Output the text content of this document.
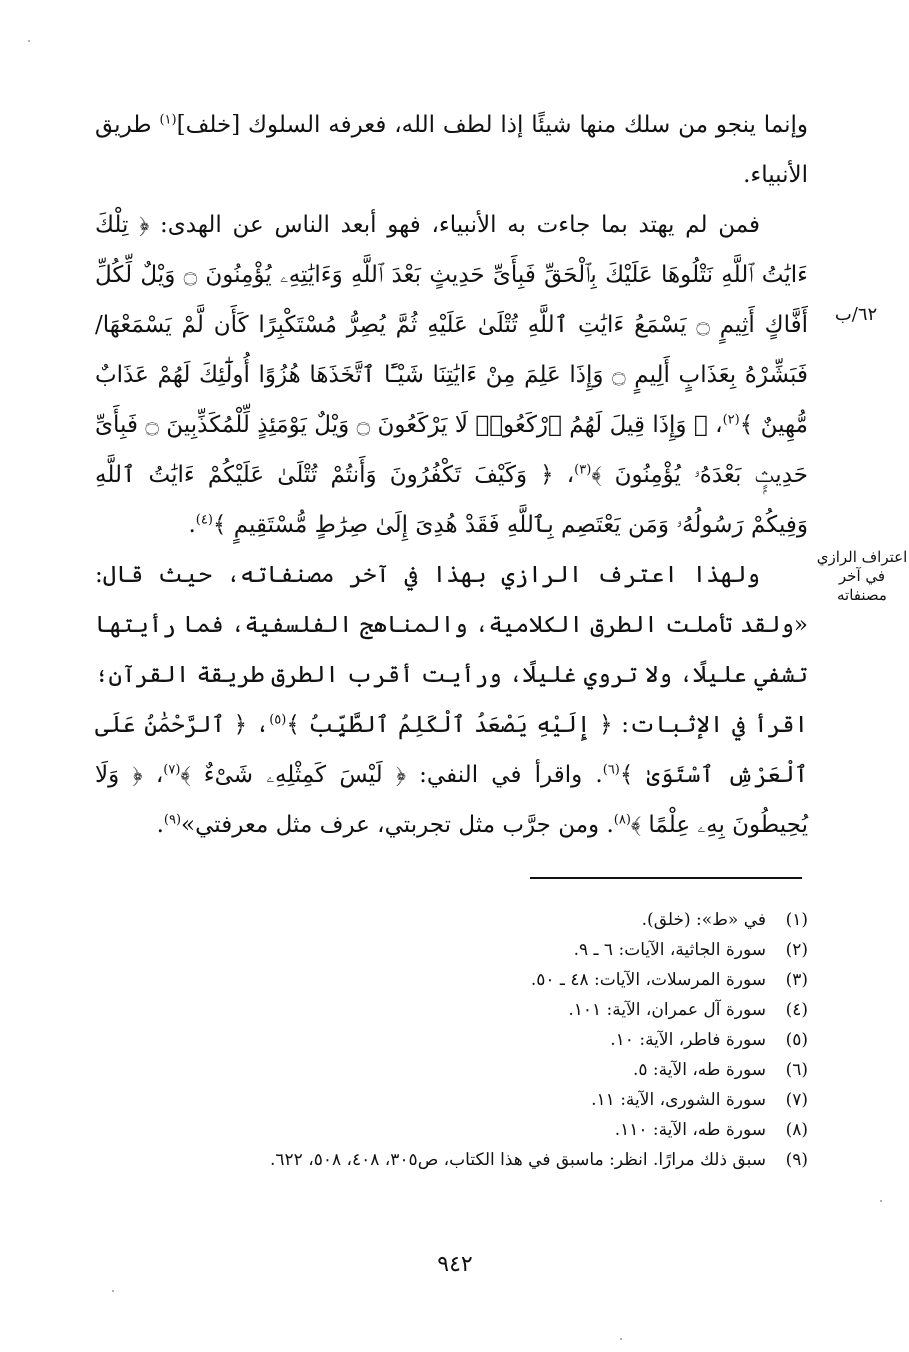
٦٢/ب
اعتراف الرازي في آخر مصنفاته

وإنما ينجو من سلك منها شيئًا إذا لطف الله، فعرفه السلوك [خلف]$^{(١)}$ طريق الأنبياء.

فمن لم يهتد بما جاءت به الأنبياء، فهو أبعد الناس عن الهدى: ﴿ تِلْكَ ءَايَٰتُ ٱللَّهِ نَتْلُوهَا عَلَيْكَ بِٱلْحَقِّ فَبِأَىِّ حَدِيثٍ بَعْدَ ٱللَّهِ وَءَايَٰتِهِۦ يُؤْمِنُونَ ۝ وَيْلٌ لِّكُلِّ أَفَّاكٍ أَثِيمٍ ۝ يَسْمَعُ ءَايَٰتِ ٱللَّهِ تُتْلَىٰ عَلَيْهِ ثُمَّ يُصِرُّ مُسْتَكْبِرًا كَأَن لَّمْ يَسْمَعْهَا/ فَبَشِّرْهُ بِعَذَابٍ أَلِيمٍ ۝ وَإِذَا عَلِمَ مِنْ ءَايَٰتِنَا شَيْـًٔا ٱتَّخَذَهَا هُزُوًا أُولَٰٓئِكَ لَهُمْ عَذَابٌ مُّهِينٌ ﴾$^{(٢)}$، ﴿ وَإِذَا قِيلَ لَهُمُ ٱرْكَعُوا۟ لَا يَرْكَعُونَ ۝ وَيْلٌ يَوْمَئِذٍ لِّلْمُكَذِّبِينَ ۝ فَبِأَىِّ حَدِيثٍۭ بَعْدَهُۥ يُؤْمِنُونَ ﴾$^{(٣)}$، ﴿ وَكَيْفَ تَكْفُرُونَ وَأَنتُمْ تُتْلَىٰ عَلَيْكُمْ ءَايَٰتُ ٱللَّهِ وَفِيكُمْ رَسُولُهُۥ وَمَن يَعْتَصِم بِٱللَّهِ فَقَدْ هُدِىَ إِلَىٰ صِرَٰطٍ مُّسْتَقِيمٍ ﴾$^{(٤)}$.

ولهذا اعترف الرازي بهذا في آخر مصنفاته، حيث قال: «ولقد تأملت الطرق الكلامية، والمناهج الفلسفية، فما رأيتها تشفي عليلًا، ولا تروي غليلًا، ورأيت أقرب الطرق طريقة القرآن؛ اقرأ في الإثبات: ﴿ إِلَيْهِ يَصْعَدُ ٱلْكَلِمُ ٱلطَّيِّبُ ﴾$^{(٥)}$، ﴿ ٱلرَّحْمَٰنُ عَلَى ٱلْعَرْشِ ٱسْتَوَىٰ ﴾$^{(٦)}$. واقرأ في النفي: ﴿ لَيْسَ كَمِثْلِهِۦ شَىْءٌ ﴾$^{(٧)}$، ﴿ وَلَا يُحِيطُونَ بِهِۦ عِلْمًا ﴾$^{(٨)}$. ومن جرَّب مثل تجربتي، عرف مثل معرفتي»$^{(٩)}$.

(١)
في «ط»: (خلق).
(٢)
سورة الجاثية، الآيات: ٦ ـ ٩.
(٣)
سورة المرسلات، الآيات: ٤٨ ـ ٥٠.
(٤)
سورة آل عمران، الآية: ١٠١.
(٥)
سورة فاطر، الآية: ١٠.
(٦)
سورة طه، الآية: ٥.
(٧)
سورة الشورى، الآية: ١١.
(٨)
سورة طه، الآية: ١١٠.
(٩)
سبق ذلك مرارًا. انظر: ماسبق في هذا الكتاب، ص٣٠٥، ٤٠٨، ٥٠٨، ٦٢٢.
٩٤٢
